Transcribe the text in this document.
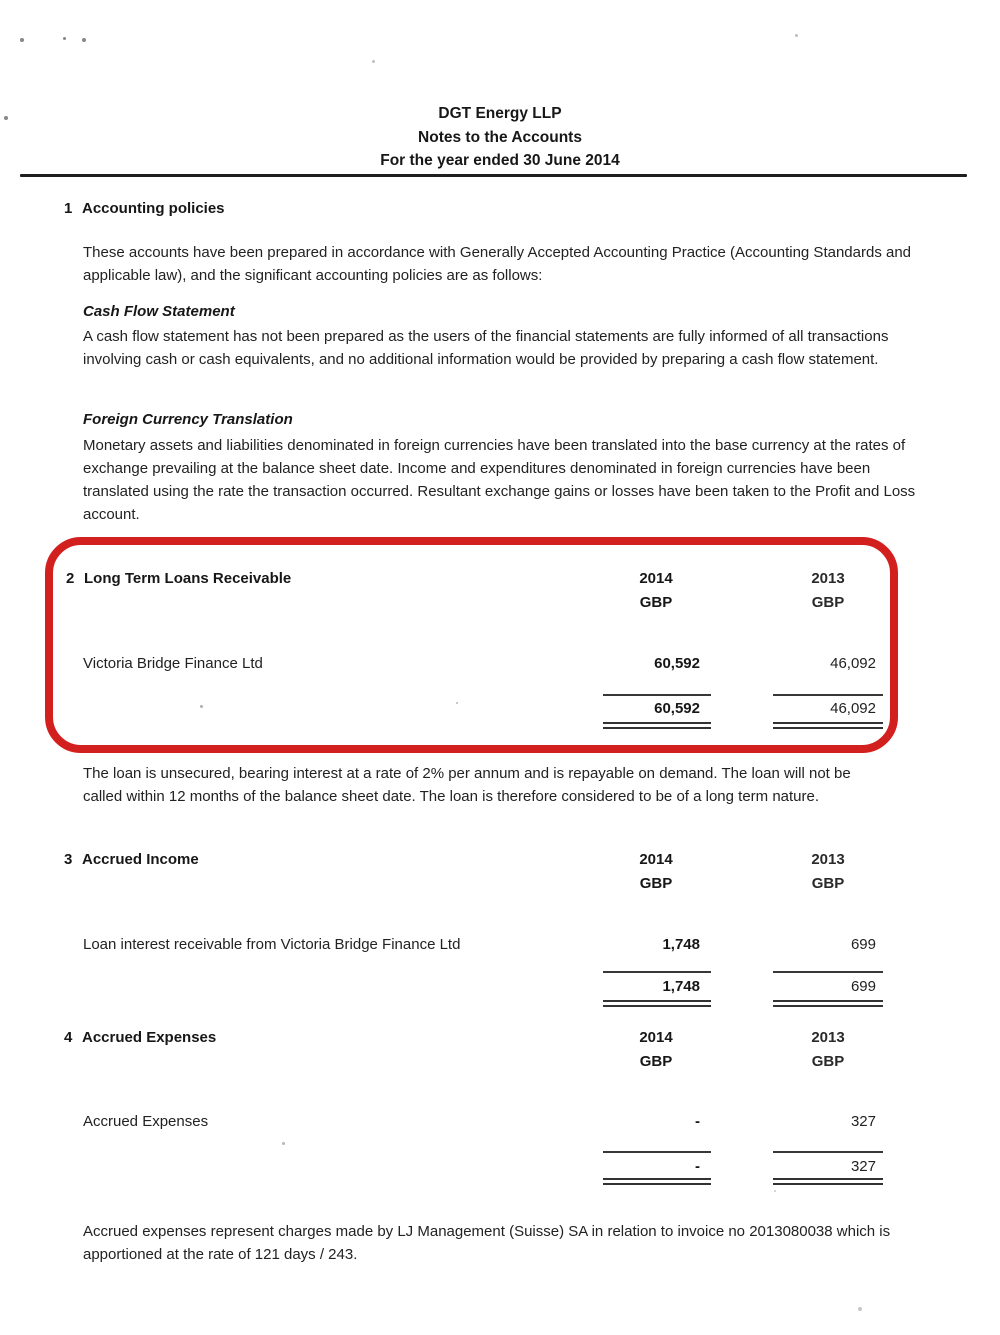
DGT Energy LLP
Notes to the Accounts
For the year ended 30 June 2014
1 Accounting policies
These accounts have been prepared in accordance with Generally Accepted Accounting Practice (Accounting Standards and applicable law), and the significant accounting policies are as follows:
Cash Flow Statement
A cash flow statement has not been prepared as the users of the financial statements are fully informed of all transactions involving cash or cash equivalents, and no additional information would be provided by preparing a cash flow statement.
Foreign Currency Translation
Monetary assets and liabilities denominated in foreign currencies have been translated into the base currency at the rates of exchange prevailing at the balance sheet date. Income and expenditures denominated in foreign currencies have been translated using the rate the transaction occurred. Resultant exchange gains or losses have been taken to the Profit and Loss account.
2 Long Term Loans Receivable	2014	2013
GBP	GBP
Victoria Bridge Finance Ltd	60,592	46,092
60,592	46,092
The loan is unsecured, bearing interest at a rate of 2% per annum and is repayable on demand. The loan will not be called within 12 months of the balance sheet date. The loan is therefore considered to be of a long term nature.
3 Accrued Income	2014	2013
GBP	GBP
Loan interest receivable from Victoria Bridge Finance Ltd	1,748	699
1,748	699
4 Accrued Expenses	2014	2013
GBP	GBP
Accrued Expenses	-	327
-	327
Accrued expenses represent charges made by LJ Management (Suisse) SA in relation to invoice no 2013080038 which is apportioned at the rate of 121 days / 243.
